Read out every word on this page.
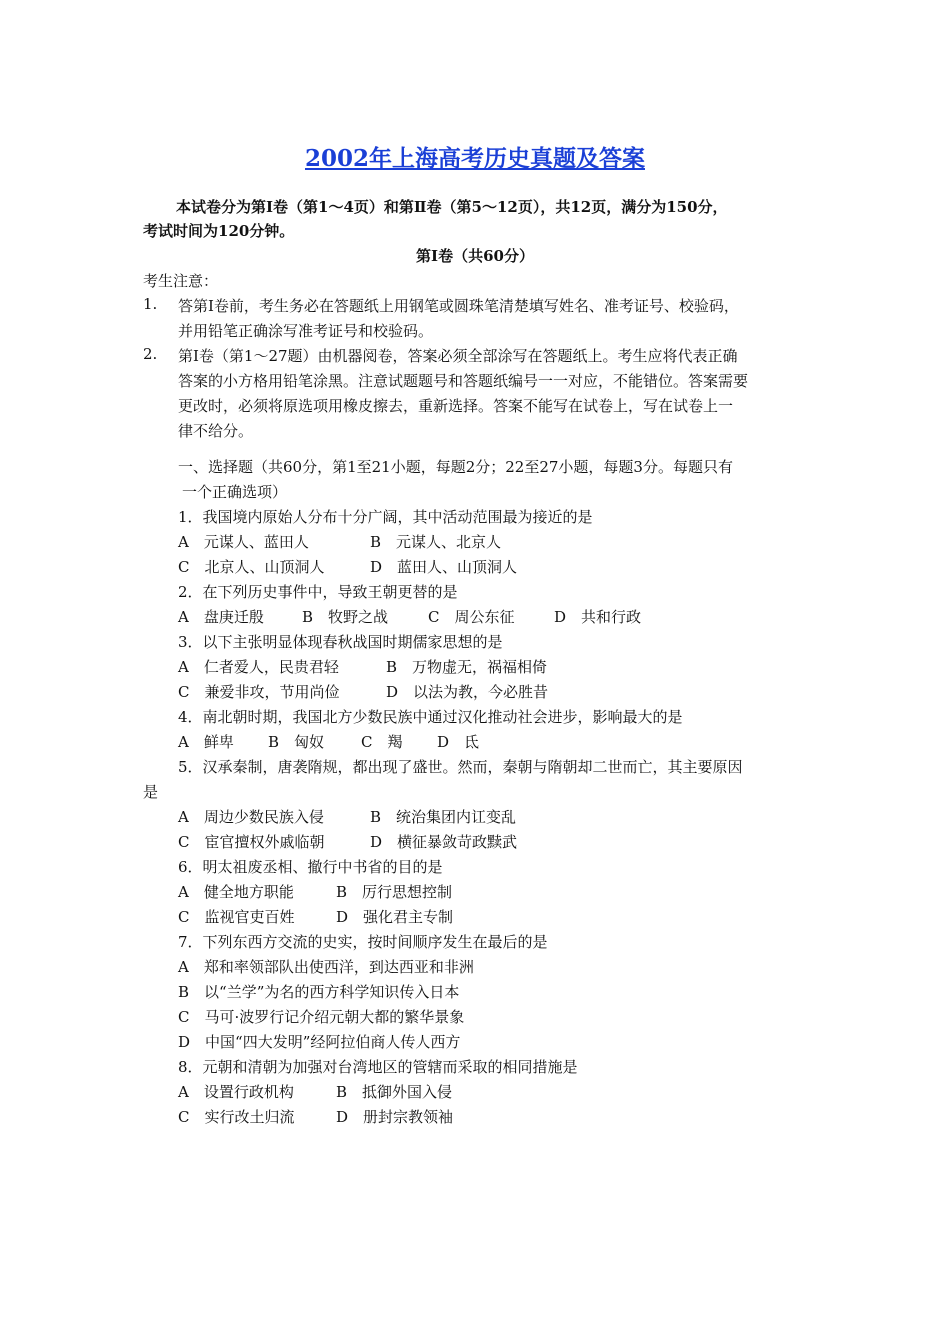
2002年上海高考历史真题及答案
本试卷分为第Ⅰ卷（第1～4页）和第Ⅱ卷（第5～12页），共12页，满分为150分，
考试时间为120分钟。
第Ⅰ卷（共60分）
考生注意：
1. 答第Ⅰ卷前，考生务必在答题纸上用钢笔或圆珠笔清楚填写姓名、准考证号、校验码，
并用铅笔正确涂写准考证号和校验码。
2. 第Ⅰ卷（第1～27题）由机器阅卷，答案必须全部涂写在答题纸上。考生应将代表正确
答案的小方格用铅笔涂黑。注意试题题号和答题纸编号一一对应，不能错位。答案需要
更改时，必须将原选项用橡皮擦去，重新选择。答案不能写在试卷上，写在试卷上一
律不给分。
一、选择题（共60分，第1至21小题，每题2分；22至27小题，每题3分。每题只有
一个正确选项）
1．我国境内原始人分布十分广阔，其中活动范围最为接近的是
A　元谋人、蓝田人	B　元谋人、北京人
C　北京人、山顶洞人	D　蓝田人、山顶洞人
2．在下列历史事件中，导致王朝更替的是
A　盘庚迁殷	B　牧野之战	C　周公东征	D　共和行政
3．以下主张明显体现春秋战国时期儒家思想的是
A　仁者爱人，民贵君轻	B　万物虚无，祸福相倚
C　兼爱非攻，节用尚俭	D　以法为教，今必胜昔
4．南北朝时期，我国北方少数民族中通过汉化推动社会进步，影响最大的是
A　鲜卑 B　匈奴 C　羯 D　氐
5．汉承秦制，唐袭隋规，都出现了盛世。然而，秦朝与隋朝却二世而亡，其主要原因
是
A　周边少数民族入侵	B　统治集团内讧变乱
C　宦官擅权外戚临朝	D　横征暴敛苛政黩武
6．明太祖废丞相、撤行中书省的目的是
A　健全地方职能	B　厉行思想控制
C　监视官吏百姓	D　强化君主专制
7．下列东西方交流的史实，按时间顺序发生在最后的是
A　郑和率领部队出使西洋，到达西亚和非洲
B　以“兰学”为名的西方科学知识传入日本
C　马可·波罗行记介绍元朝大都的繁华景象
D　中国“四大发明”经阿拉伯商人传人西方
8．元朝和清朝为加强对台湾地区的管辖而采取的相同措施是
A　设置行政机构	B　抵御外国入侵
C　实行改土归流	D　册封宗教领袖
